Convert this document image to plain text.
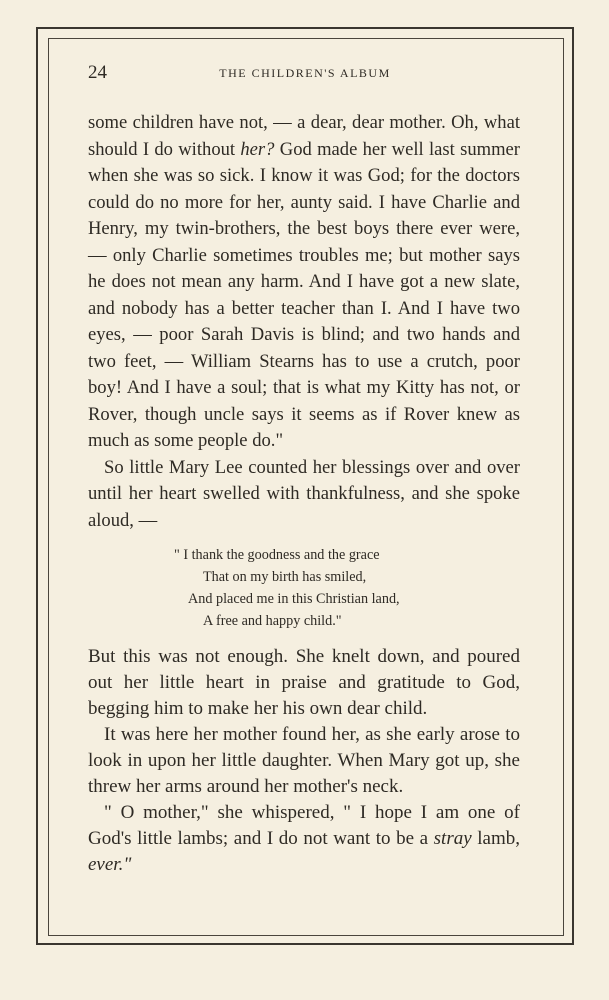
24	THE CHILDREN'S ALBUM

some children have not, — a dear, dear mother. Oh, what should I do without her? God made her well last summer when she was so sick. I know it was God; for the doctors could do no more for her, aunty said. I have Charlie and Henry, my twin-brothers, the best boys there ever were, — only Charlie sometimes troubles me; but mother says he does not mean any harm. And I have got a new slate, and nobody has a better teacher than I. And I have two eyes, — poor Sarah Davis is blind; and two hands and two feet, — William Stearns has to use a crutch, poor boy! And I have a soul; that is what my Kitty has not, or Rover, though uncle says it seems as if Rover knew as much as some people do."

So little Mary Lee counted her blessings over and over until her heart swelled with thankfulness, and she spoke aloud, —

" I thank the goodness and the grace
That on my birth has smiled,
And placed me in this Christian land,
A free and happy child."

But this was not enough. She knelt down, and poured out her little heart in praise and gratitude to God, begging him to make her his own dear child.

It was here her mother found her, as she early arose to look in upon her little daughter. When Mary got up, she threw her arms around her mother's neck.

" O mother," she whispered, " I hope I am one of God's little lambs; and I do not want to be a stray lamb, ever."
